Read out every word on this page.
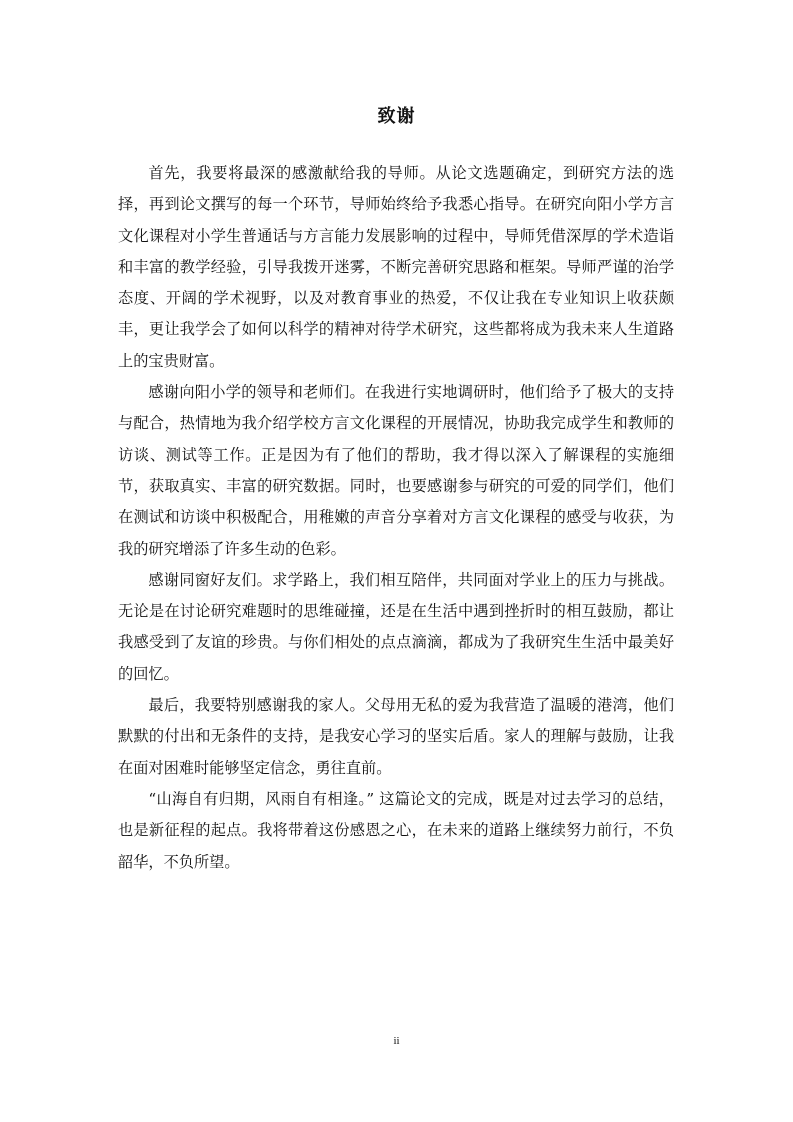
致谢

首先，我要将最深的感激献给我的导师。从论文选题确定，到研究方法的选择，再到论文撰写的每一个环节，导师始终给予我悉心指导。在研究向阳小学方言文化课程对小学生普通话与方言能力发展影响的过程中，导师凭借深厚的学术造诣和丰富的教学经验，引导我拨开迷雾，不断完善研究思路和框架。导师严谨的治学态度、开阔的学术视野，以及对教育事业的热爱，不仅让我在专业知识上收获颇丰，更让我学会了如何以科学的精神对待学术研究，这些都将成为我未来人生道路上的宝贵财富。

感谢向阳小学的领导和老师们。在我进行实地调研时，他们给予了极大的支持与配合，热情地为我介绍学校方言文化课程的开展情况，协助我完成学生和教师的访谈、测试等工作。正是因为有了他们的帮助，我才得以深入了解课程的实施细节，获取真实、丰富的研究数据。同时，也要感谢参与研究的可爱的同学们，他们在测试和访谈中积极配合，用稚嫩的声音分享着对方言文化课程的感受与收获，为我的研究增添了许多生动的色彩。

感谢同窗好友们。求学路上，我们相互陪伴，共同面对学业上的压力与挑战。无论是在讨论研究难题时的思维碰撞，还是在生活中遇到挫折时的相互鼓励，都让我感受到了友谊的珍贵。与你们相处的点点滴滴，都成为了我研究生生活中最美好的回忆。

最后，我要特别感谢我的家人。父母用无私的爱为我营造了温暖的港湾，他们默默的付出和无条件的支持，是我安心学习的坚实后盾。家人的理解与鼓励，让我在面对困难时能够坚定信念，勇往直前。

“山海自有归期，风雨自有相逢。” 这篇论文的完成，既是对过去学习的总结，也是新征程的起点。我将带着这份感恩之心，在未来的道路上继续努力前行，不负韶华，不负所望。

ii
